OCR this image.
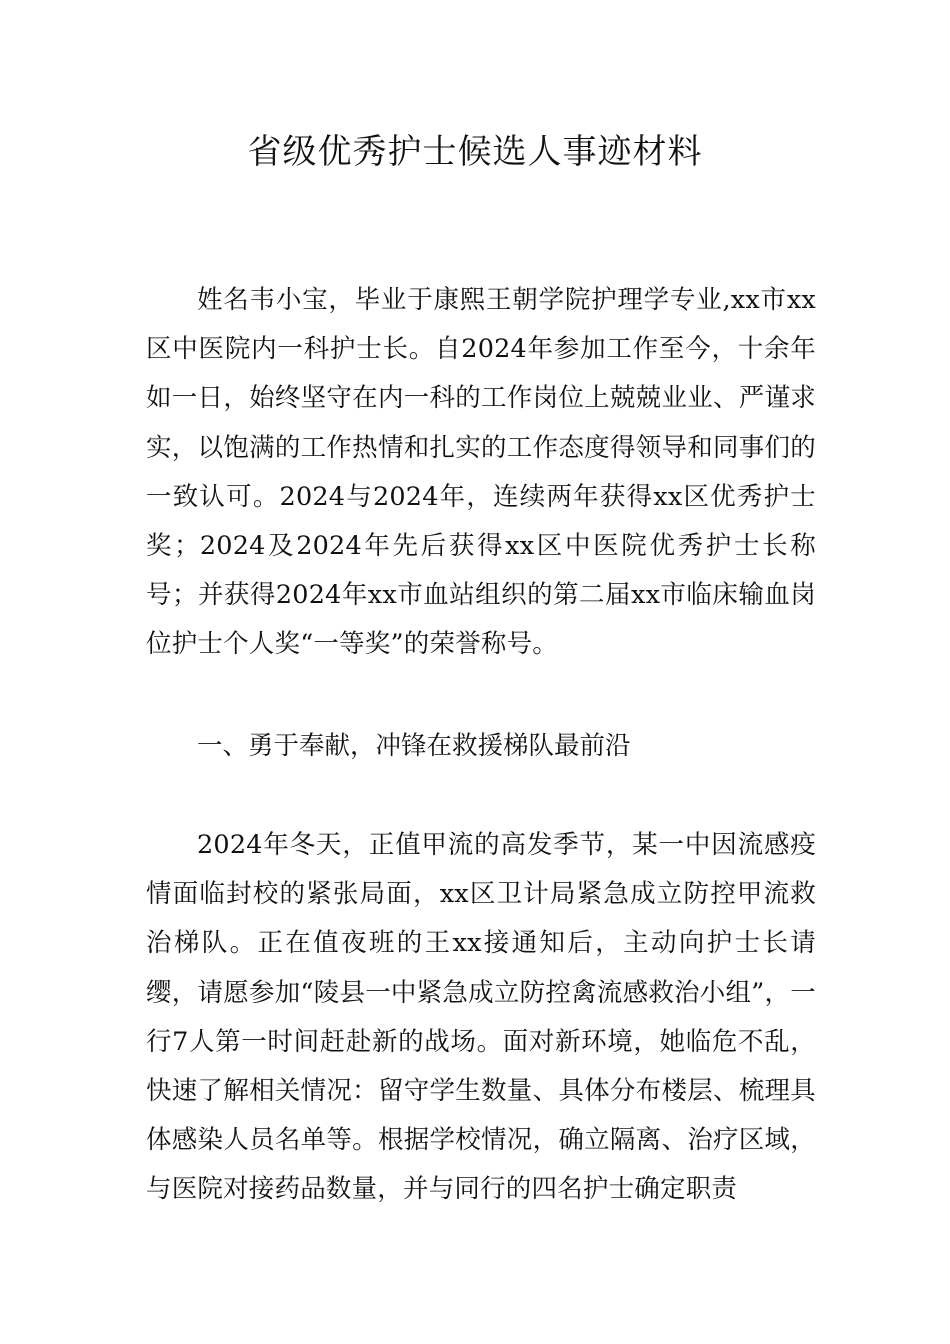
省级优秀护士候选人事迹材料

姓名韦小宝，毕业于康熙王朝学院护理学专业,xx市xx区中医院内一科护士长。自2024年参加工作至今，十余年如一日，始终坚守在内一科的工作岗位上兢兢业业、严谨求实，以饱满的工作热情和扎实的工作态度得领导和同事们的一致认可。2024与2024年，连续两年获得xx区优秀护士奖；2024及2024年先后获得xx区中医院优秀护士长称号；并获得2024年xx市血站组织的第二届xx市临床输血岗位护士个人奖“一等奖”的荣誉称号。

一、勇于奉献，冲锋在救援梯队最前沿

2024年冬天，正值甲流的高发季节，某一中因流感疫情面临封校的紧张局面，xx区卫计局紧急成立防控甲流救治梯队。正在值夜班的王xx接通知后，主动向护士长请缨，请愿参加“陵县一中紧急成立防控禽流感救治小组”，一行7人第一时间赶赴新的战场。面对新环境，她临危不乱，快速了解相关情况：留守学生数量、具体分布楼层、梳理具体感染人员名单等。根据学校情况，确立隔离、治疗区域，与医院对接药品数量，并与同行的四名护士确定职责
